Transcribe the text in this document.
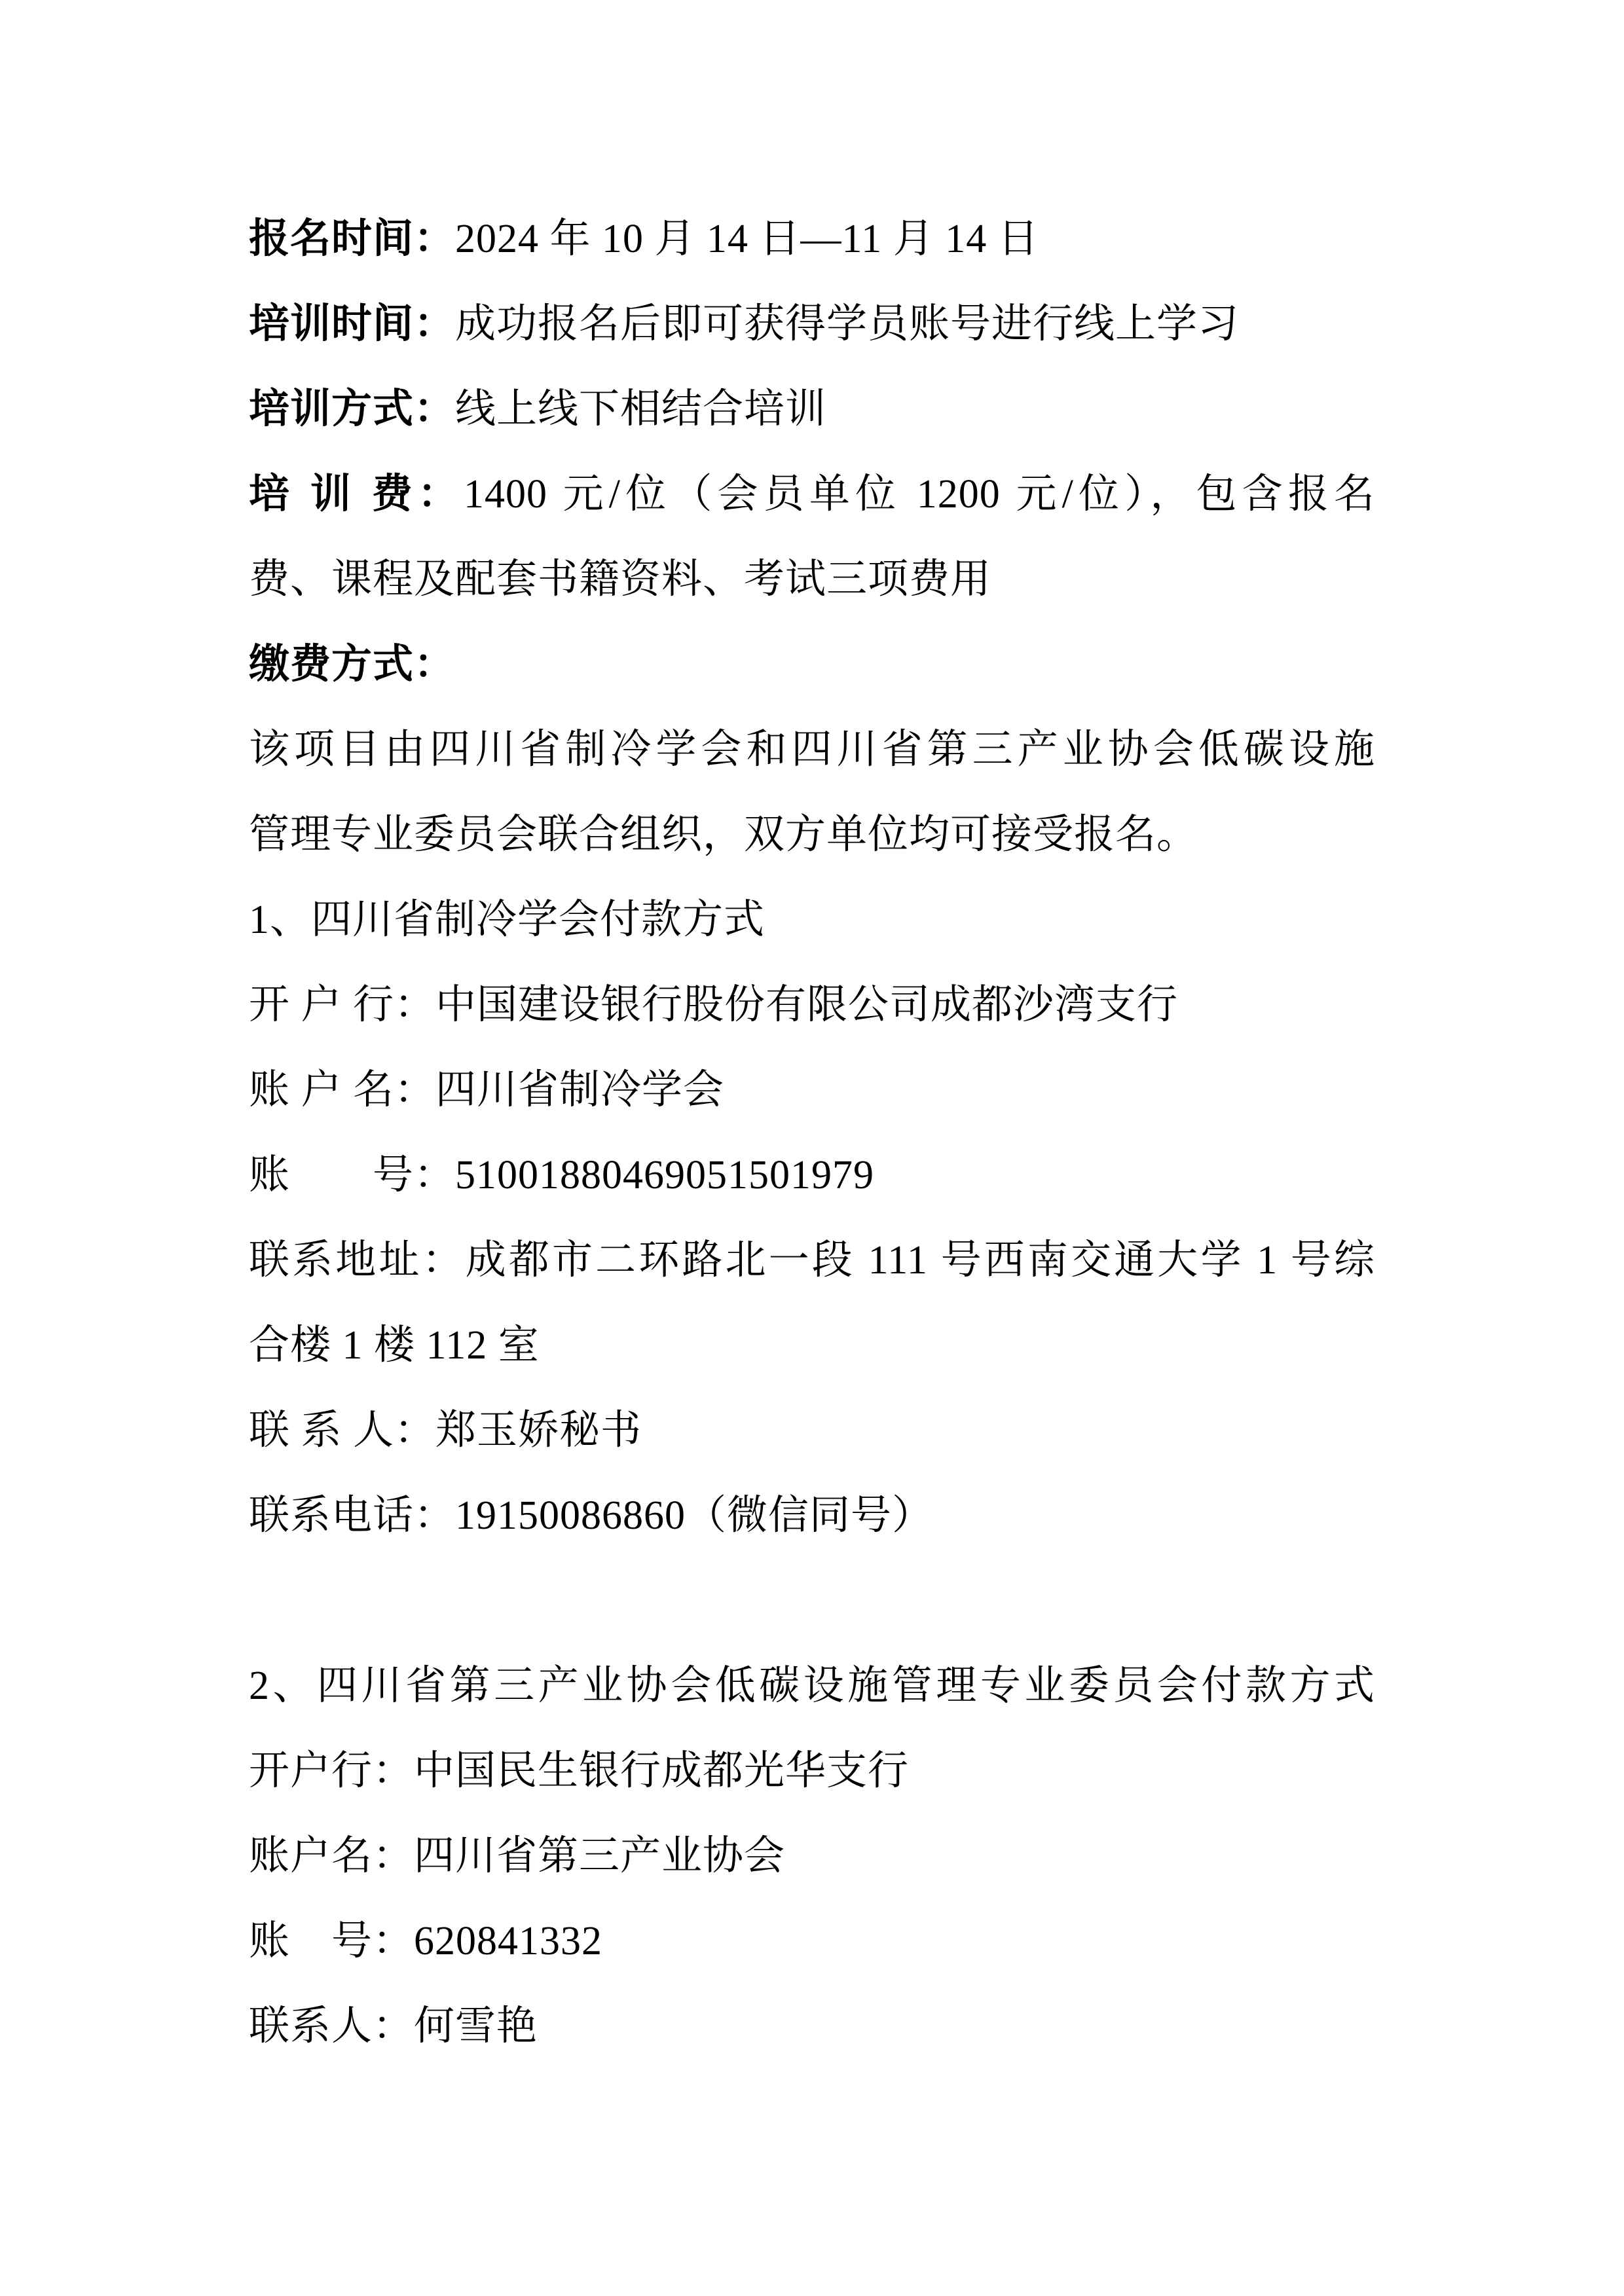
报名时间：2024 年 10 月 14 日—11 月 14 日
培训时间：成功报名后即可获得学员账号进行线上学习
培训方式：线上线下相结合培训
培 训 费：1400 元/位（会员单位 1200 元/位），包含报名
费、课程及配套书籍资料、考试三项费用
缴费方式：
该项目由四川省制冷学会和四川省第三产业协会低碳设施
管理专业委员会联合组织，双方单位均可接受报名。
1、四川省制冷学会付款方式
开 户 行：中国建设银行股份有限公司成都沙湾支行
账 户 名：四川省制冷学会
账　　号：51001880469051501979
联系地址：成都市二环路北一段 111 号西南交通大学 1 号综
合楼 1 楼 112 室
联 系 人：郑玉娇秘书
联系电话：19150086860（微信同号）

2、四川省第三产业协会低碳设施管理专业委员会付款方式
开户行：中国民生银行成都光华支行
账户名：四川省第三产业协会
账　号：620841332
联系人：何雪艳
